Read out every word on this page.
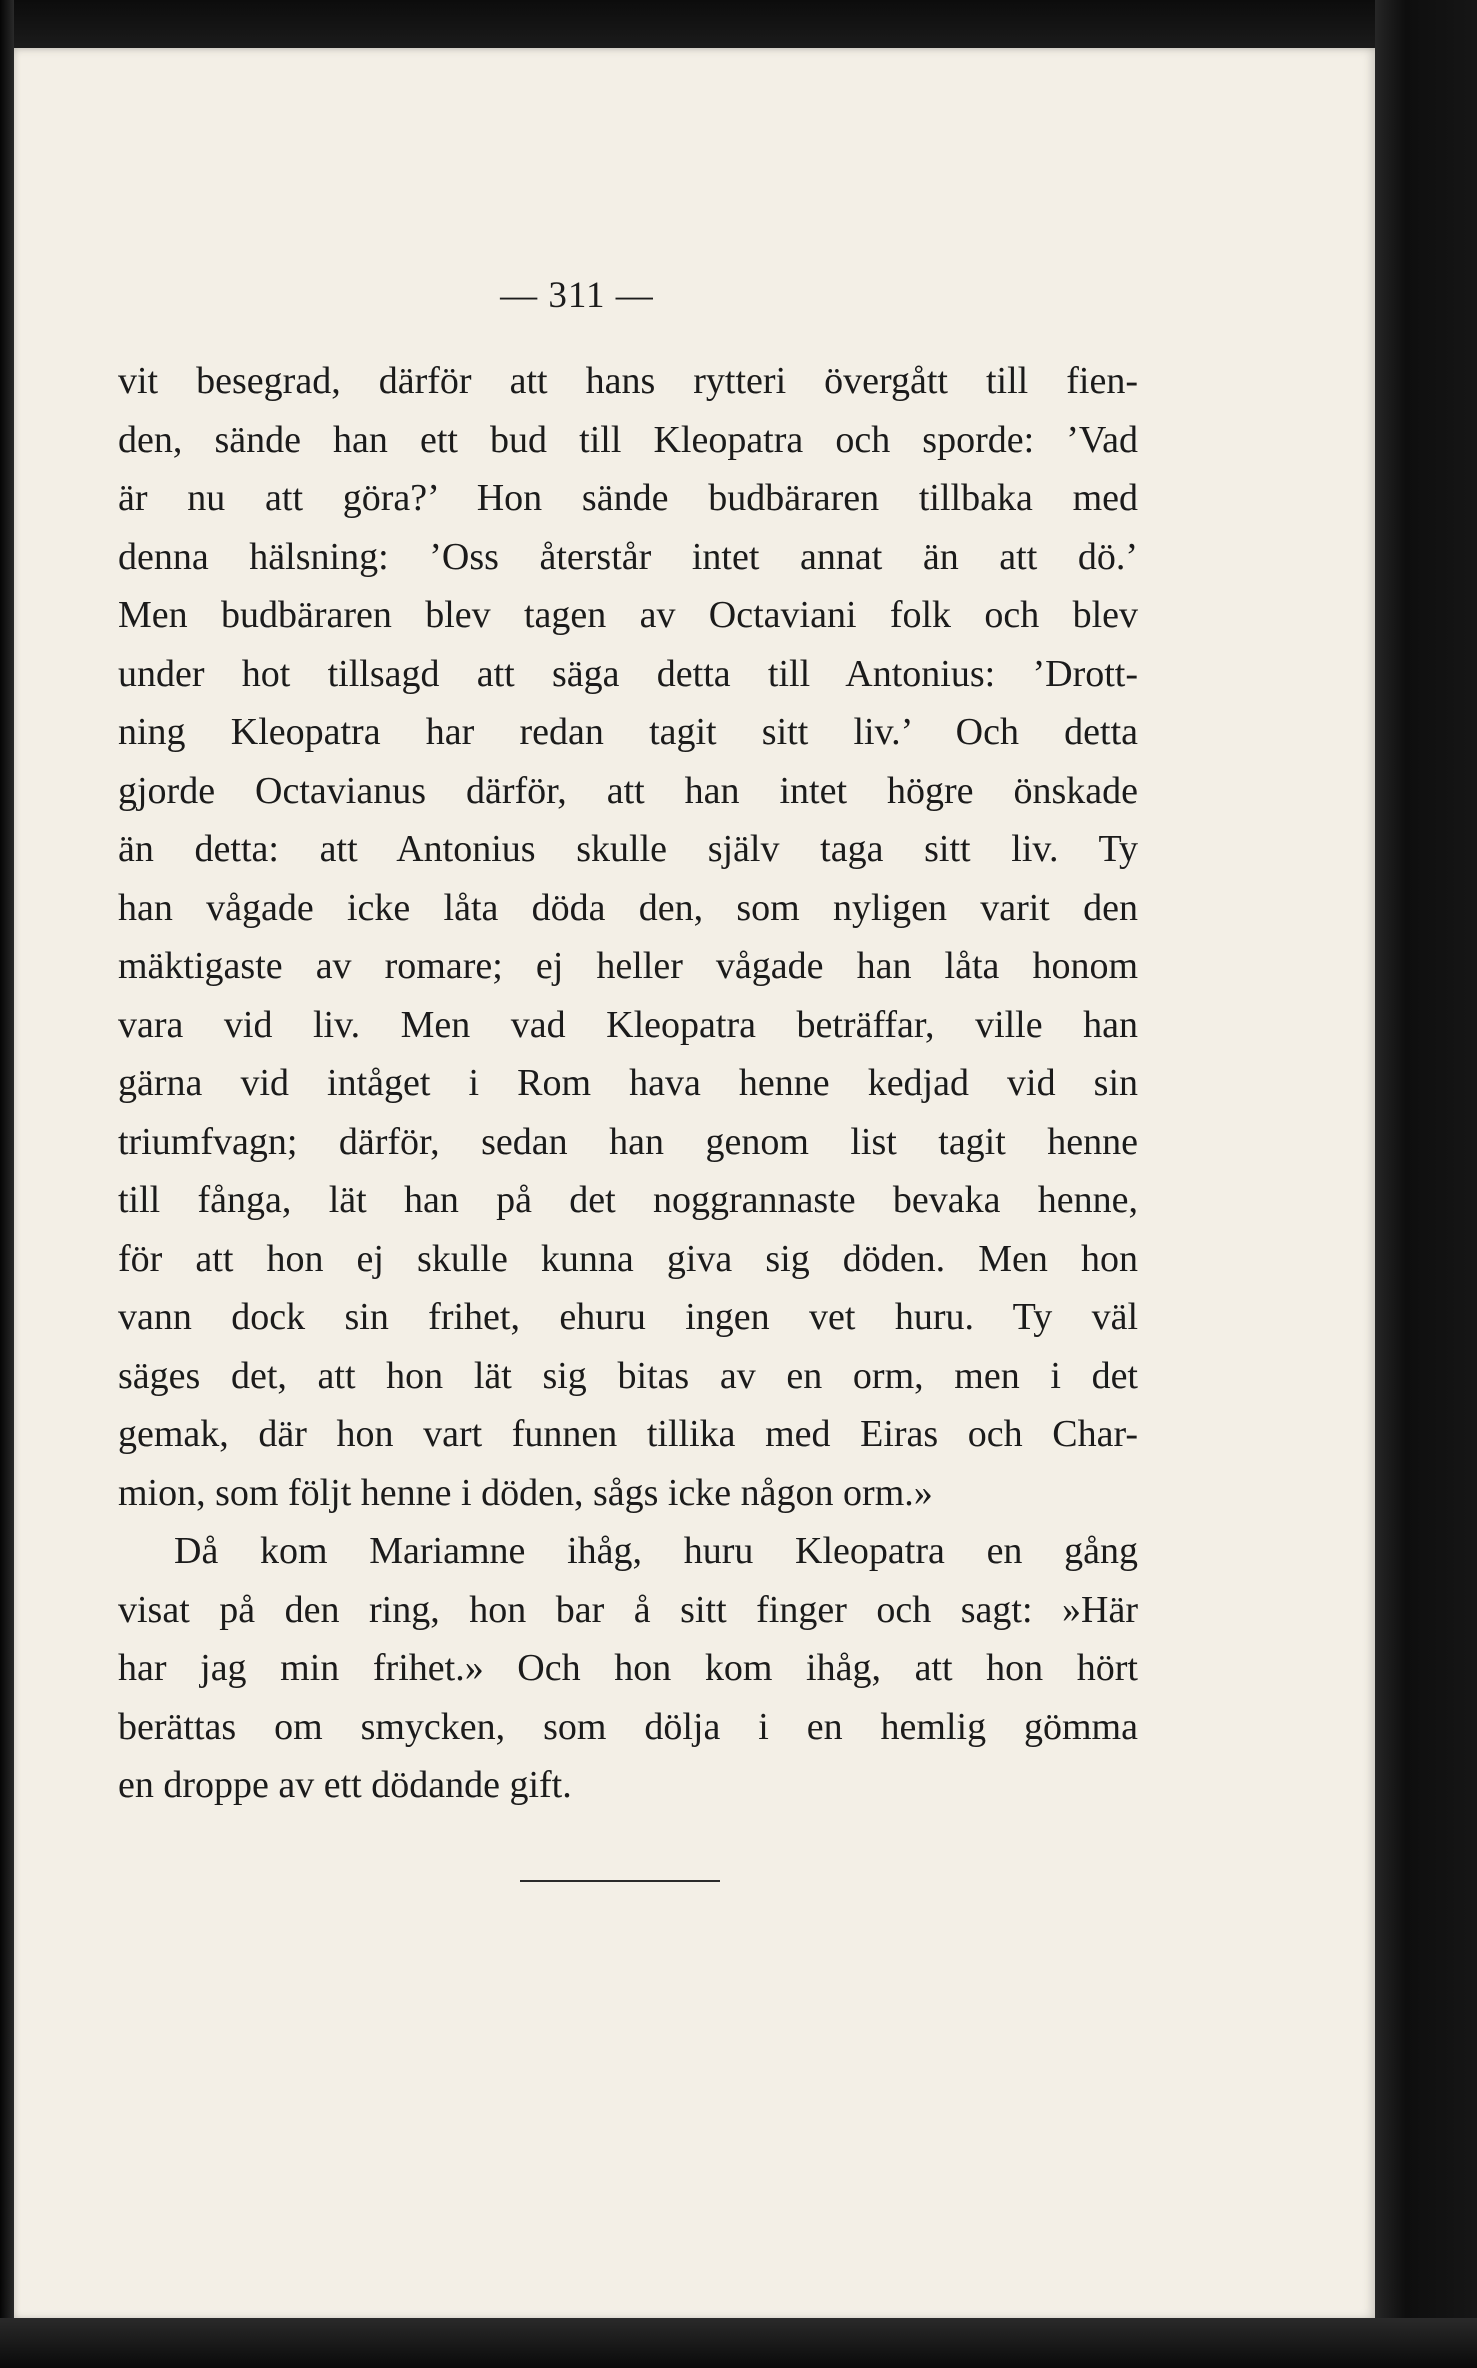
— 311 —

vit besegrad, därför att hans rytteri övergått till fien-
den, sände han ett bud till Kleopatra och sporde: ’Vad
är nu att göra?’ Hon sände budbäraren tillbaka med
denna hälsning: ’Oss återstår intet annat än att dö.’
Men budbäraren blev tagen av Octaviani folk och blev
under hot tillsagd att säga detta till Antonius: ’Drott-
ning Kleopatra har redan tagit sitt liv.’ Och detta
gjorde Octavianus därför, att han intet högre önskade
än detta: att Antonius skulle själv taga sitt liv. Ty
han vågade icke låta döda den, som nyligen varit den
mäktigaste av romare; ej heller vågade han låta honom
vara vid liv. Men vad Kleopatra beträffar, ville han
gärna vid intåget i Rom hava henne kedjad vid sin
triumfvagn; därför, sedan han genom list tagit henne
till fånga, lät han på det noggrannaste bevaka henne,
för att hon ej skulle kunna giva sig döden. Men hon
vann dock sin frihet, ehuru ingen vet huru. Ty väl
säges det, att hon lät sig bitas av en orm, men i det
gemak, där hon vart funnen tillika med Eiras och Char-
mion, som följt henne i döden, sågs icke någon orm.»
Då kom Mariamne ihåg, huru Kleopatra en gång
visat på den ring, hon bar å sitt finger och sagt: »Här
har jag min frihet.» Och hon kom ihåg, att hon hört
berättas om smycken, som dölja i en hemlig gömma
en droppe av ett dödande gift.
